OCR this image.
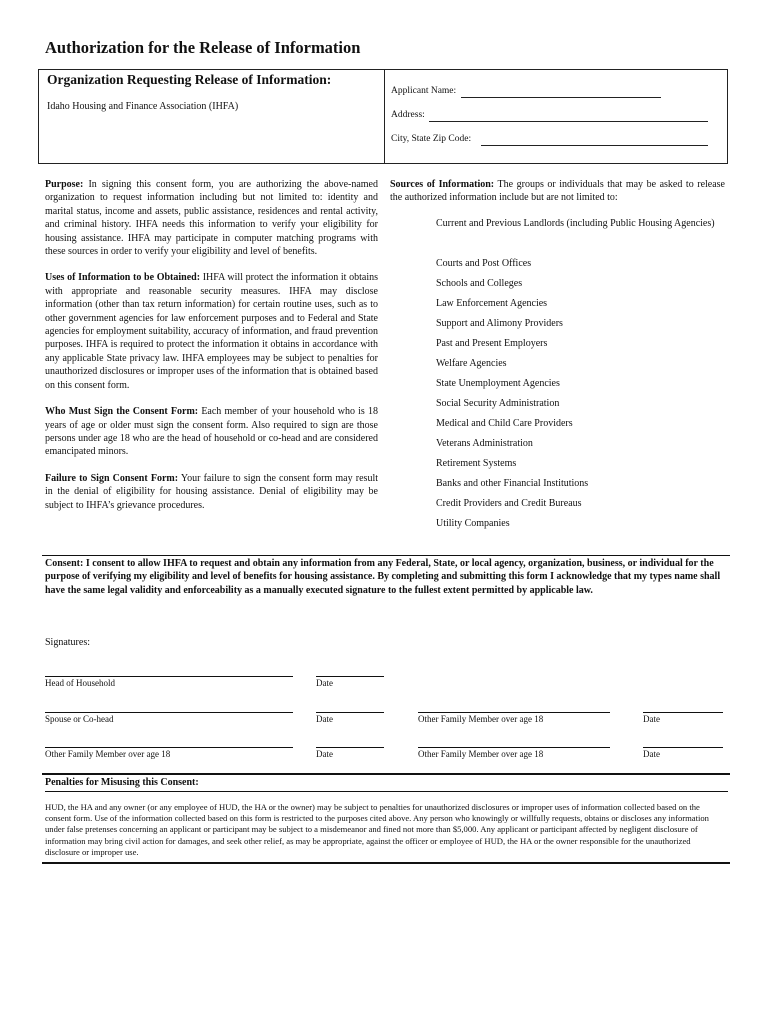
Authorization for the Release of Information
Organization Requesting Release of Information:
Idaho Housing and Finance Association (IHFA)
Applicant Name:
Address:
City, State Zip Code:

Purpose: In signing this consent form, you are authorizing the above-named organization to request information including but not limited to: identity and marital status, income and assets, public assistance, residences and rental activity, and criminal history. IHFA needs this information to verify your eligibility for housing assistance. IHFA may participate in computer matching programs with these sources in order to verify your eligibility and level of benefits.

Uses of Information to be Obtained: IHFA will protect the information it obtains with appropriate and reasonable security measures. IHFA may disclose information (other than tax return information) for certain routine uses, such as to other government agencies for law enforcement purposes and to Federal and State agencies for employment suitability, accuracy of information, and fraud prevention purposes. IHFA is required to protect the information it obtains in accordance with any applicable State privacy law. IHFA employees may be subject to penalties for unauthorized disclosures or improper uses of the information that is obtained based on this consent form.

Who Must Sign the Consent Form: Each member of your household who is 18 years of age or older must sign the consent form. Also required to sign are those persons under age 18 who are the head of household or co-head and are considered emancipated minors.

Failure to Sign Consent Form: Your failure to sign the consent form may result in the denial of eligibility for housing assistance. Denial of eligibility may be subject to IHFA’s grievance procedures.

Sources of Information: The groups or individuals that may be asked to release the authorized information include but are not limited to:

Current and Previous Landlords (including Public Housing Agencies)
Courts and Post Offices
Schools and Colleges
Law Enforcement Agencies
Support and Alimony Providers
Past and Present Employers
Welfare Agencies
State Unemployment Agencies
Social Security Administration
Medical and Child Care Providers
Veterans Administration
Retirement Systems
Banks and other Financial Institutions
Credit Providers and Credit Bureaus
Utility Companies
Consent: I consent to allow IHFA to request and obtain any information from any Federal, State, or local agency, organization, business, or individual for the purpose of verifying my eligibility and level of benefits for housing assistance. By completing and submitting this form I acknowledge that my types name shall have the same legal validity and enforceability as a manually executed signature to the fullest extent permitted by applicable law.
Signatures:
Head of Household	Date
Spouse or Co-head	Date	Other Family Member over age 18	Date
Other Family Member over age 18	Date	Other Family Member over age 18	Date
Penalties for Misusing this Consent:
HUD, the HA and any owner (or any employee of HUD, the HA or the owner) may be subject to penalties for unauthorized disclosures or improper uses of information collected based on the consent form. Use of the information collected based on this form is restricted to the purposes cited above. Any person who knowingly or willfully requests, obtains or discloses any information under false pretenses concerning an applicant or participant may be subject to a misdemeanor and fined not more than $5,000. Any applicant or participant affected by negligent disclosure of information may bring civil action for damages, and seek other relief, as may be appropriate, against the officer or employee of HUD, the HA or the owner responsible for the unauthorized disclosure or improper use.
